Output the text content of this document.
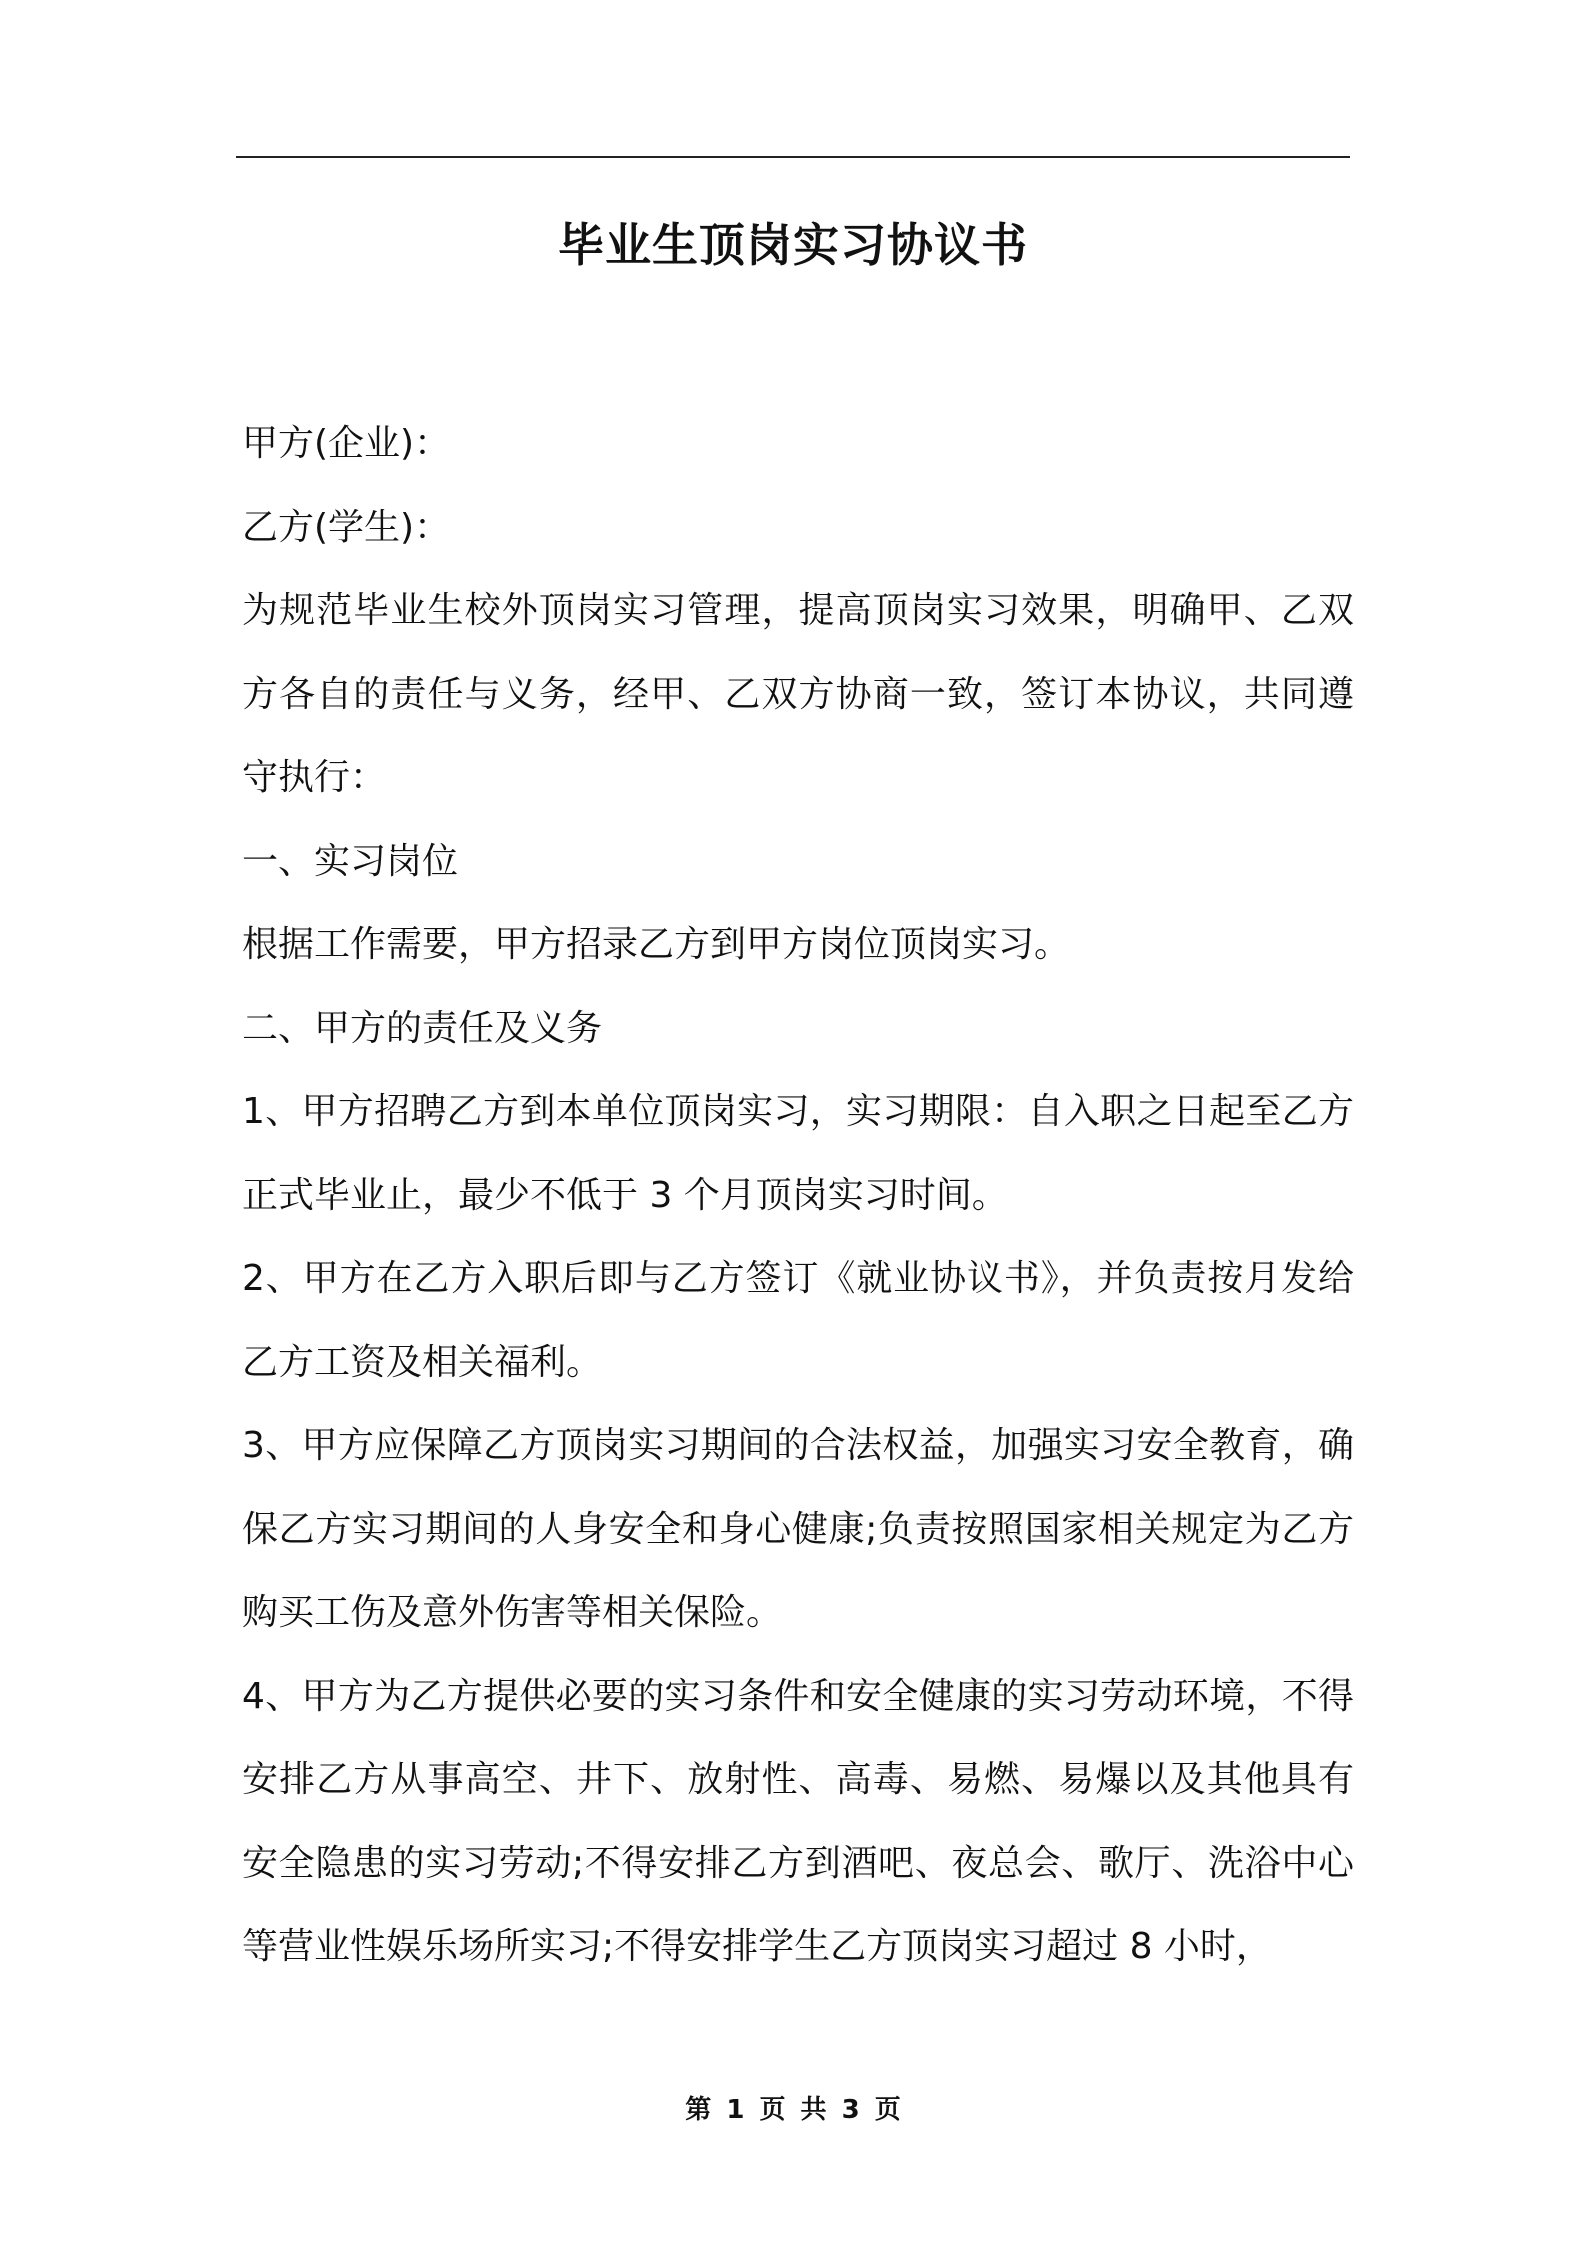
毕业生顶岗实习协议书

甲方(企业)：

乙方(学生)：

为规范毕业生校外顶岗实习管理，提高顶岗实习效果，明确甲、乙双方各自的责任与义务，经甲、乙双方协商一致，签订本协议，共同遵守执行：

一、实习岗位

根据工作需要，甲方招录乙方到甲方岗位顶岗实习。

二、甲方的责任及义务

1、甲方招聘乙方到本单位顶岗实习，实习期限：自入职之日起至乙方正式毕业止，最少不低于 3 个月顶岗实习时间。

2、甲方在乙方入职后即与乙方签订《就业协议书》，并负责按月发给乙方工资及相关福利。

3、甲方应保障乙方顶岗实习期间的合法权益，加强实习安全教育，确保乙方实习期间的人身安全和身心健康;负责按照国家相关规定为乙方购买工伤及意外伤害等相关保险。

4、甲方为乙方提供必要的实习条件和安全健康的实习劳动环境，不得安排乙方从事高空、井下、放射性、高毒、易燃、易爆以及其他具有安全隐患的实习劳动;不得安排乙方到酒吧、夜总会、歌厅、洗浴中心等营业性娱乐场所实习;不得安排学生乙方顶岗实习超过 8 小时，

第 1 页 共 3 页
